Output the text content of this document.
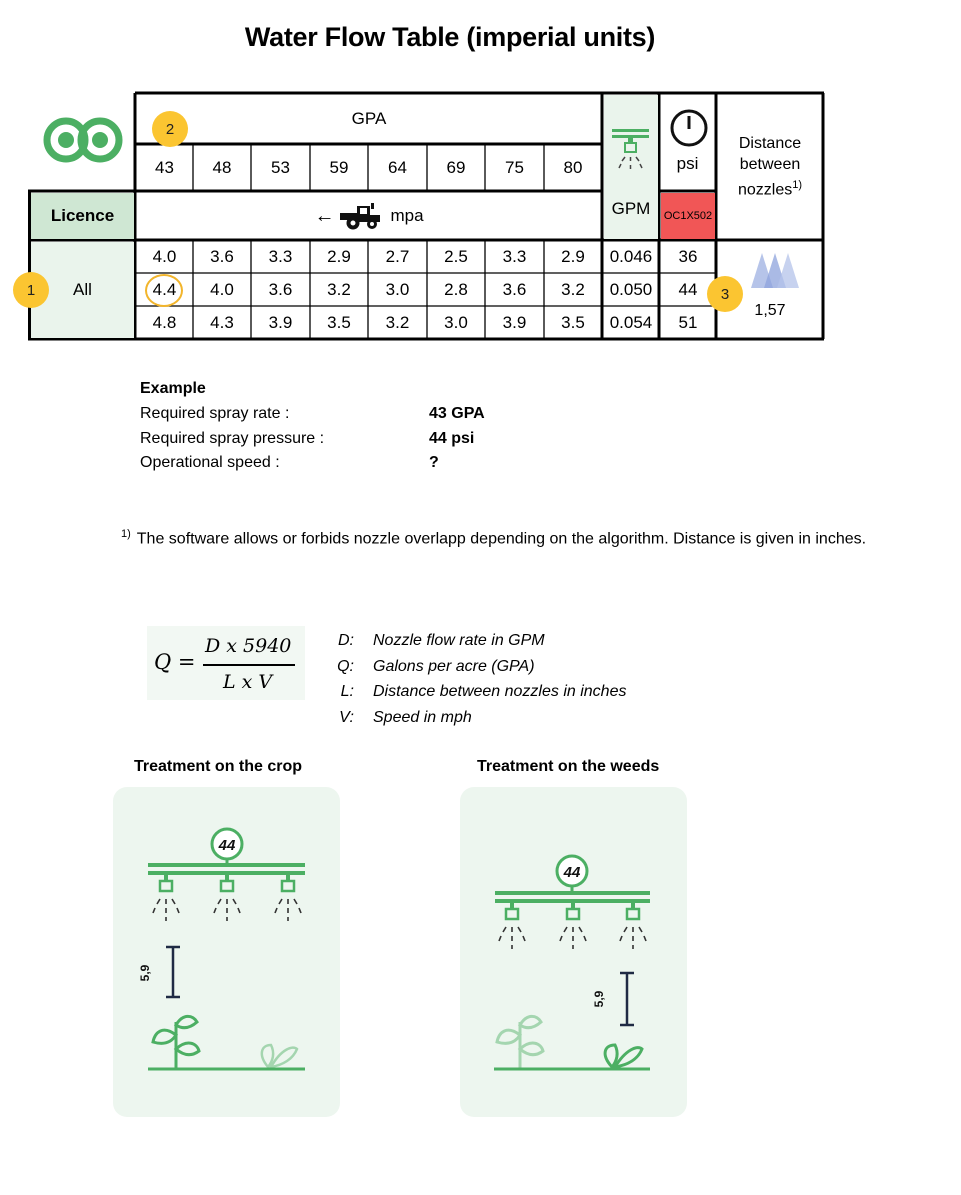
Water Flow Table (imperial units)
GPA
2
43	48	53	59	64	69	75	80
Licence	←	mpa	GPM
psi
OC1X502
Distance
between
nozzles$^{1)}$
All
1
4.0	3.6	3.3	2.9	2.7	2.5	3.3	2.9	0.046	36
4.4	4.0	3.6	3.2	3.0	2.8	3.6	3.2	0.050	44
4.8	4.3	3.9	3.5	3.2	3.0	3.9	3.5	0.054	51
1,57
3
Example
Required spray rate :	43 GPA
Required spray pressure :	44 psi
Operational speed :	?
$^{1)}$ The software allows or forbids nozzle overlapp depending on the algorithm. Distance is given in inches.
Q =
D x 5940
L x V
D: Nozzle flow rate in GPM
Q: Galons per acre (GPA)
L: Distance between nozzles in inches
V: Speed in mph
Treatment on the crop	Treatment on the weeds
44
5,9
44
5,9
